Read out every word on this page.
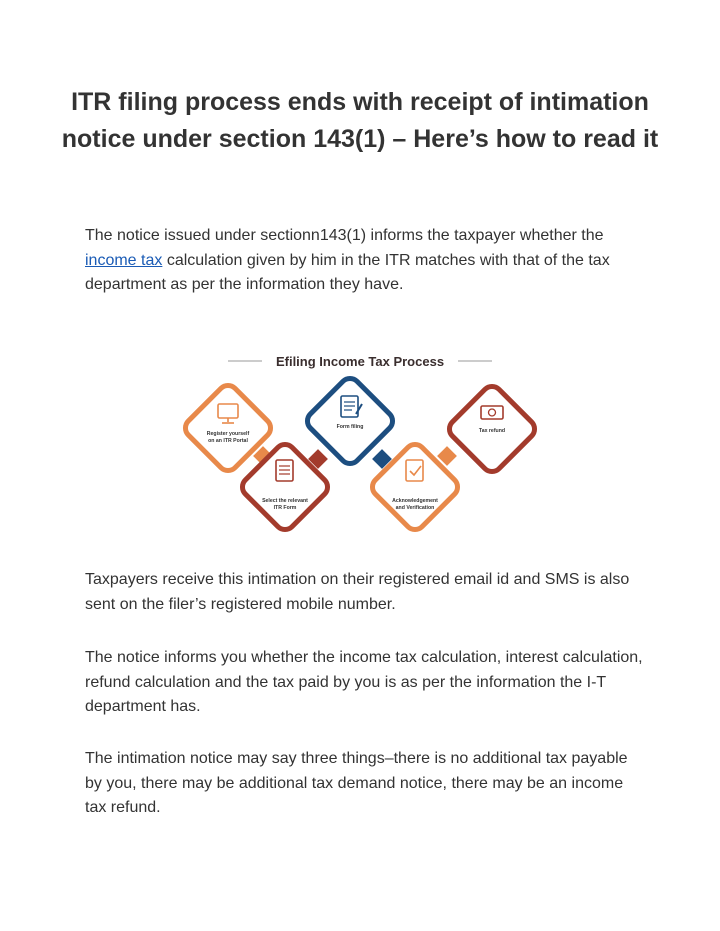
ITR filing process ends with receipt of intimation notice under section 143(1) – Here’s how to read it

The notice issued under sectionn143(1) informs the taxpayer whether the income tax calculation given by him in the ITR matches with that of the tax department as per the information they have.

Efiling Income Tax Process
Register yourself
on an ITR Portal
Form filing
Tax refund
Select the relevant
ITR Form
Acknowledgement
and Verification

Taxpayers receive this intimation on their registered email id and SMS is also sent on the filer’s registered mobile number.

The notice informs you whether the income tax calculation, interest calculation, refund calculation and the tax paid by you is as per the information the I-T department has.

The intimation notice may say three things–there is no additional tax payable by you, there may be additional tax demand notice, there may be an income tax refund.
